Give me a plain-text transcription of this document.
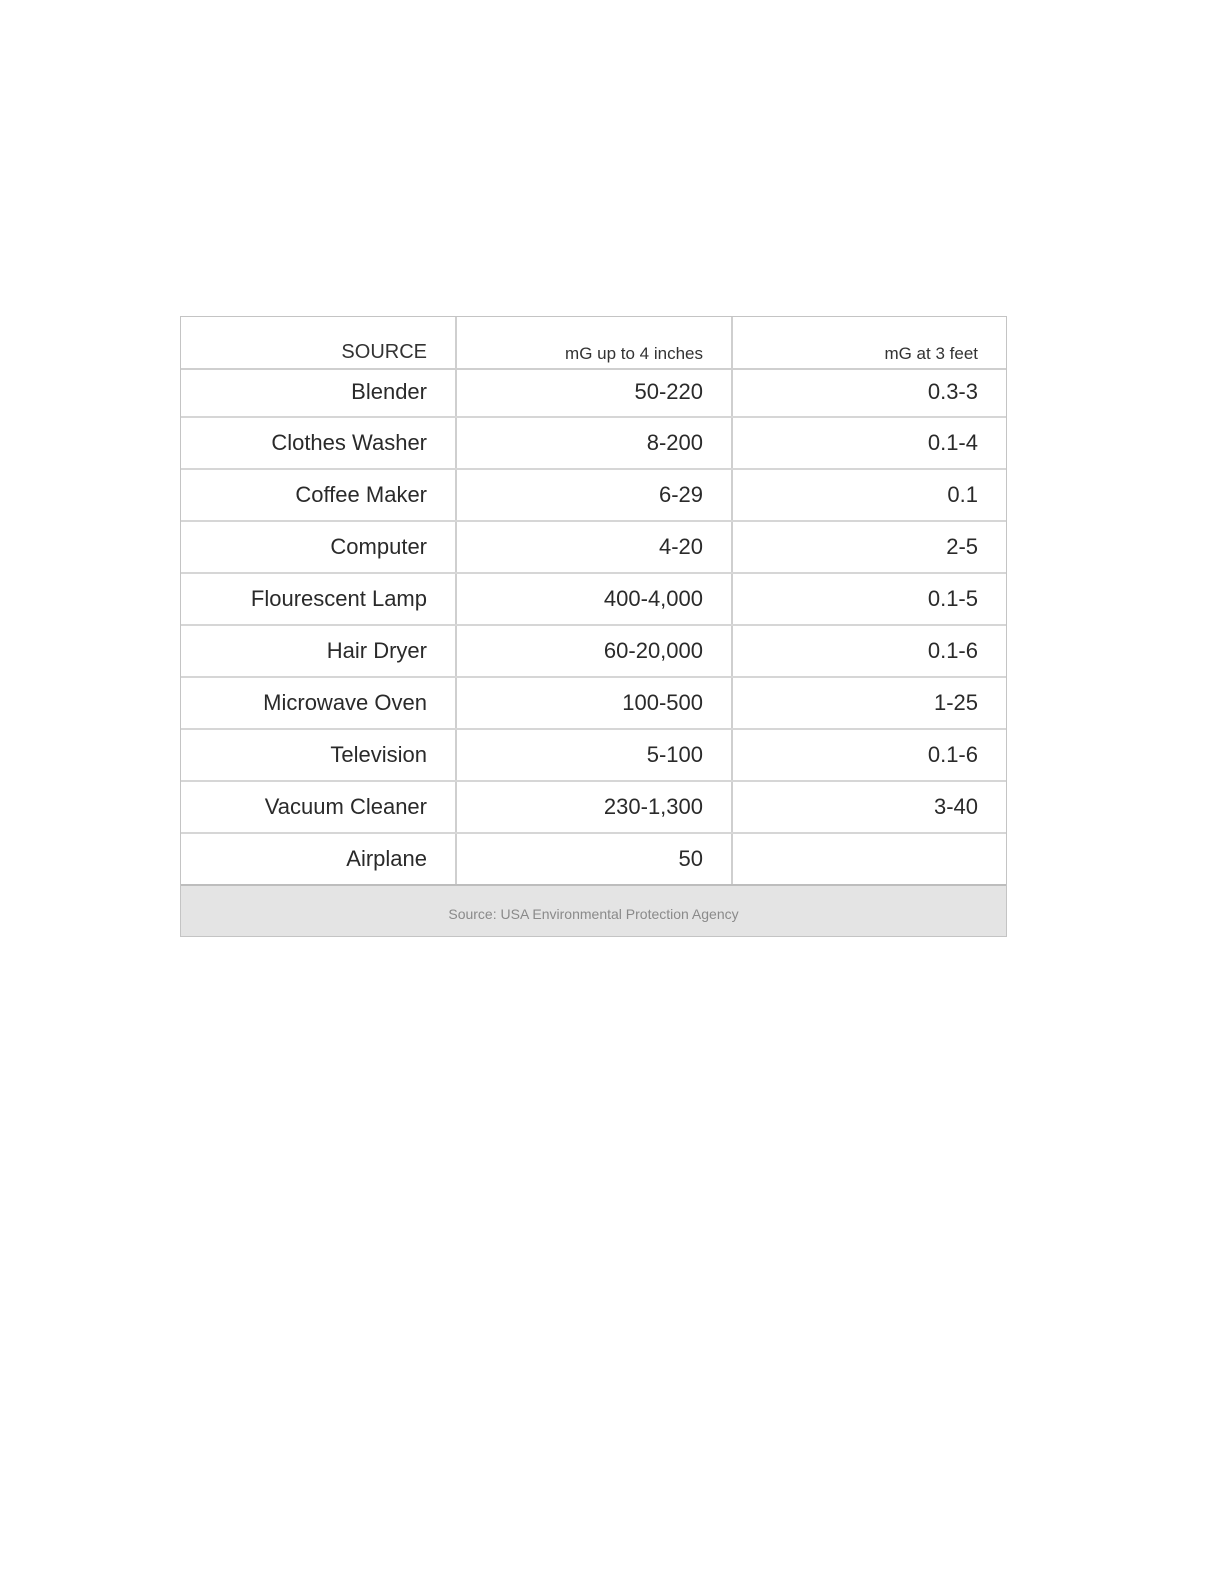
SOURCE	mG up to 4 inches	mG at 3 feet
Blender	50-220	0.3-3
Clothes Washer	8-200	0.1-4
Coffee Maker	6-29	0.1
Computer	4-20	2-5
Flourescent Lamp	400-4,000	0.1-5
Hair Dryer	60-20,000	0.1-6
Microwave Oven	100-500	1-25
Television	5-100	0.1-6
Vacuum Cleaner	230-1,300	3-40
Airplane	50	
Source: USA Environmental Protection Agency
